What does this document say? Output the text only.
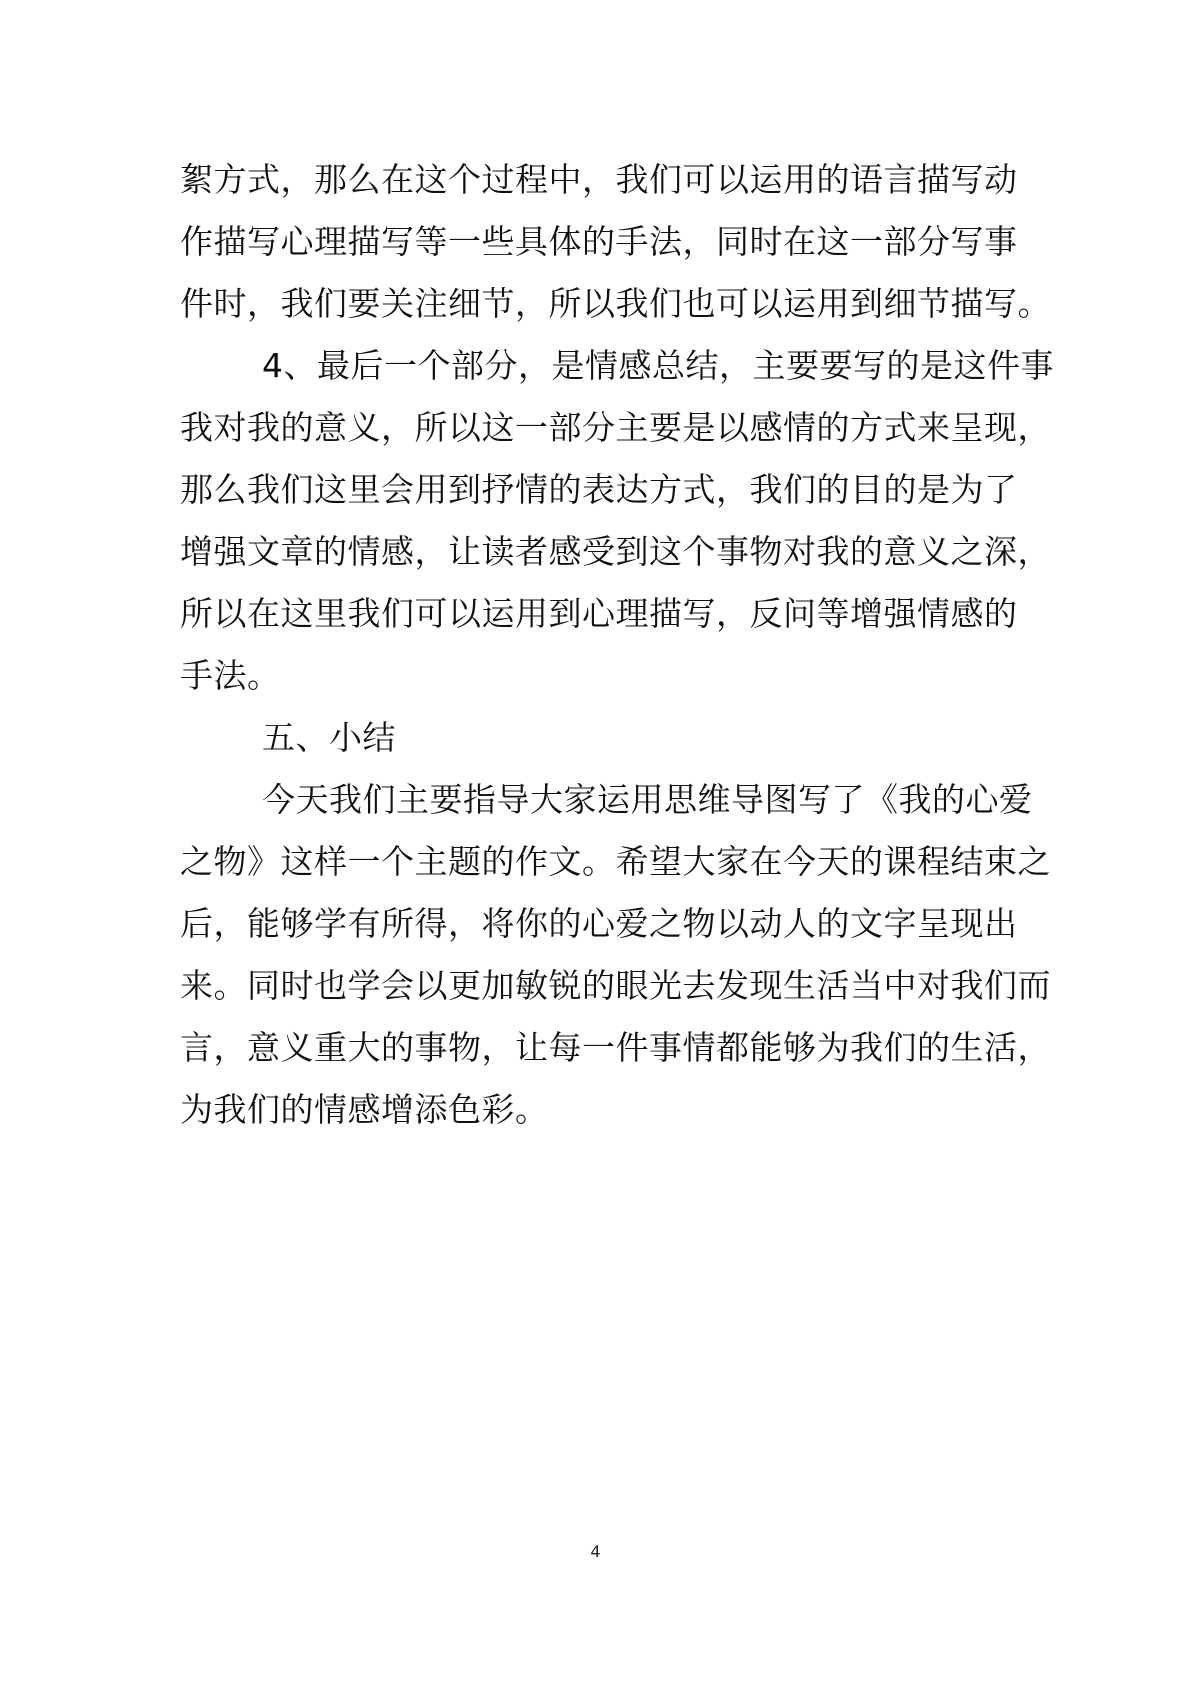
絮方式，那么在这个过程中，我们可以运用的语言描写动
作描写心理描写等一些具体的手法，同时在这一部分写事
件时，我们要关注细节，所以我们也可以运用到细节描写。
4、最后一个部分，是情感总结，主要要写的是这件事
我对我的意义，所以这一部分主要是以感情的方式来呈现，
那么我们这里会用到抒情的表达方式，我们的目的是为了
增强文章的情感，让读者感受到这个事物对我的意义之深，
所以在这里我们可以运用到心理描写，反问等增强情感的
手法。
五、小结
今天我们主要指导大家运用思维导图写了《我的心爱
之物》这样一个主题的作文。希望大家在今天的课程结束之
后，能够学有所得，将你的心爱之物以动人的文字呈现出
来。同时也学会以更加敏锐的眼光去发现生活当中对我们而
言，意义重大的事物，让每一件事情都能够为我们的生活，
为我们的情感增添色彩。
4
